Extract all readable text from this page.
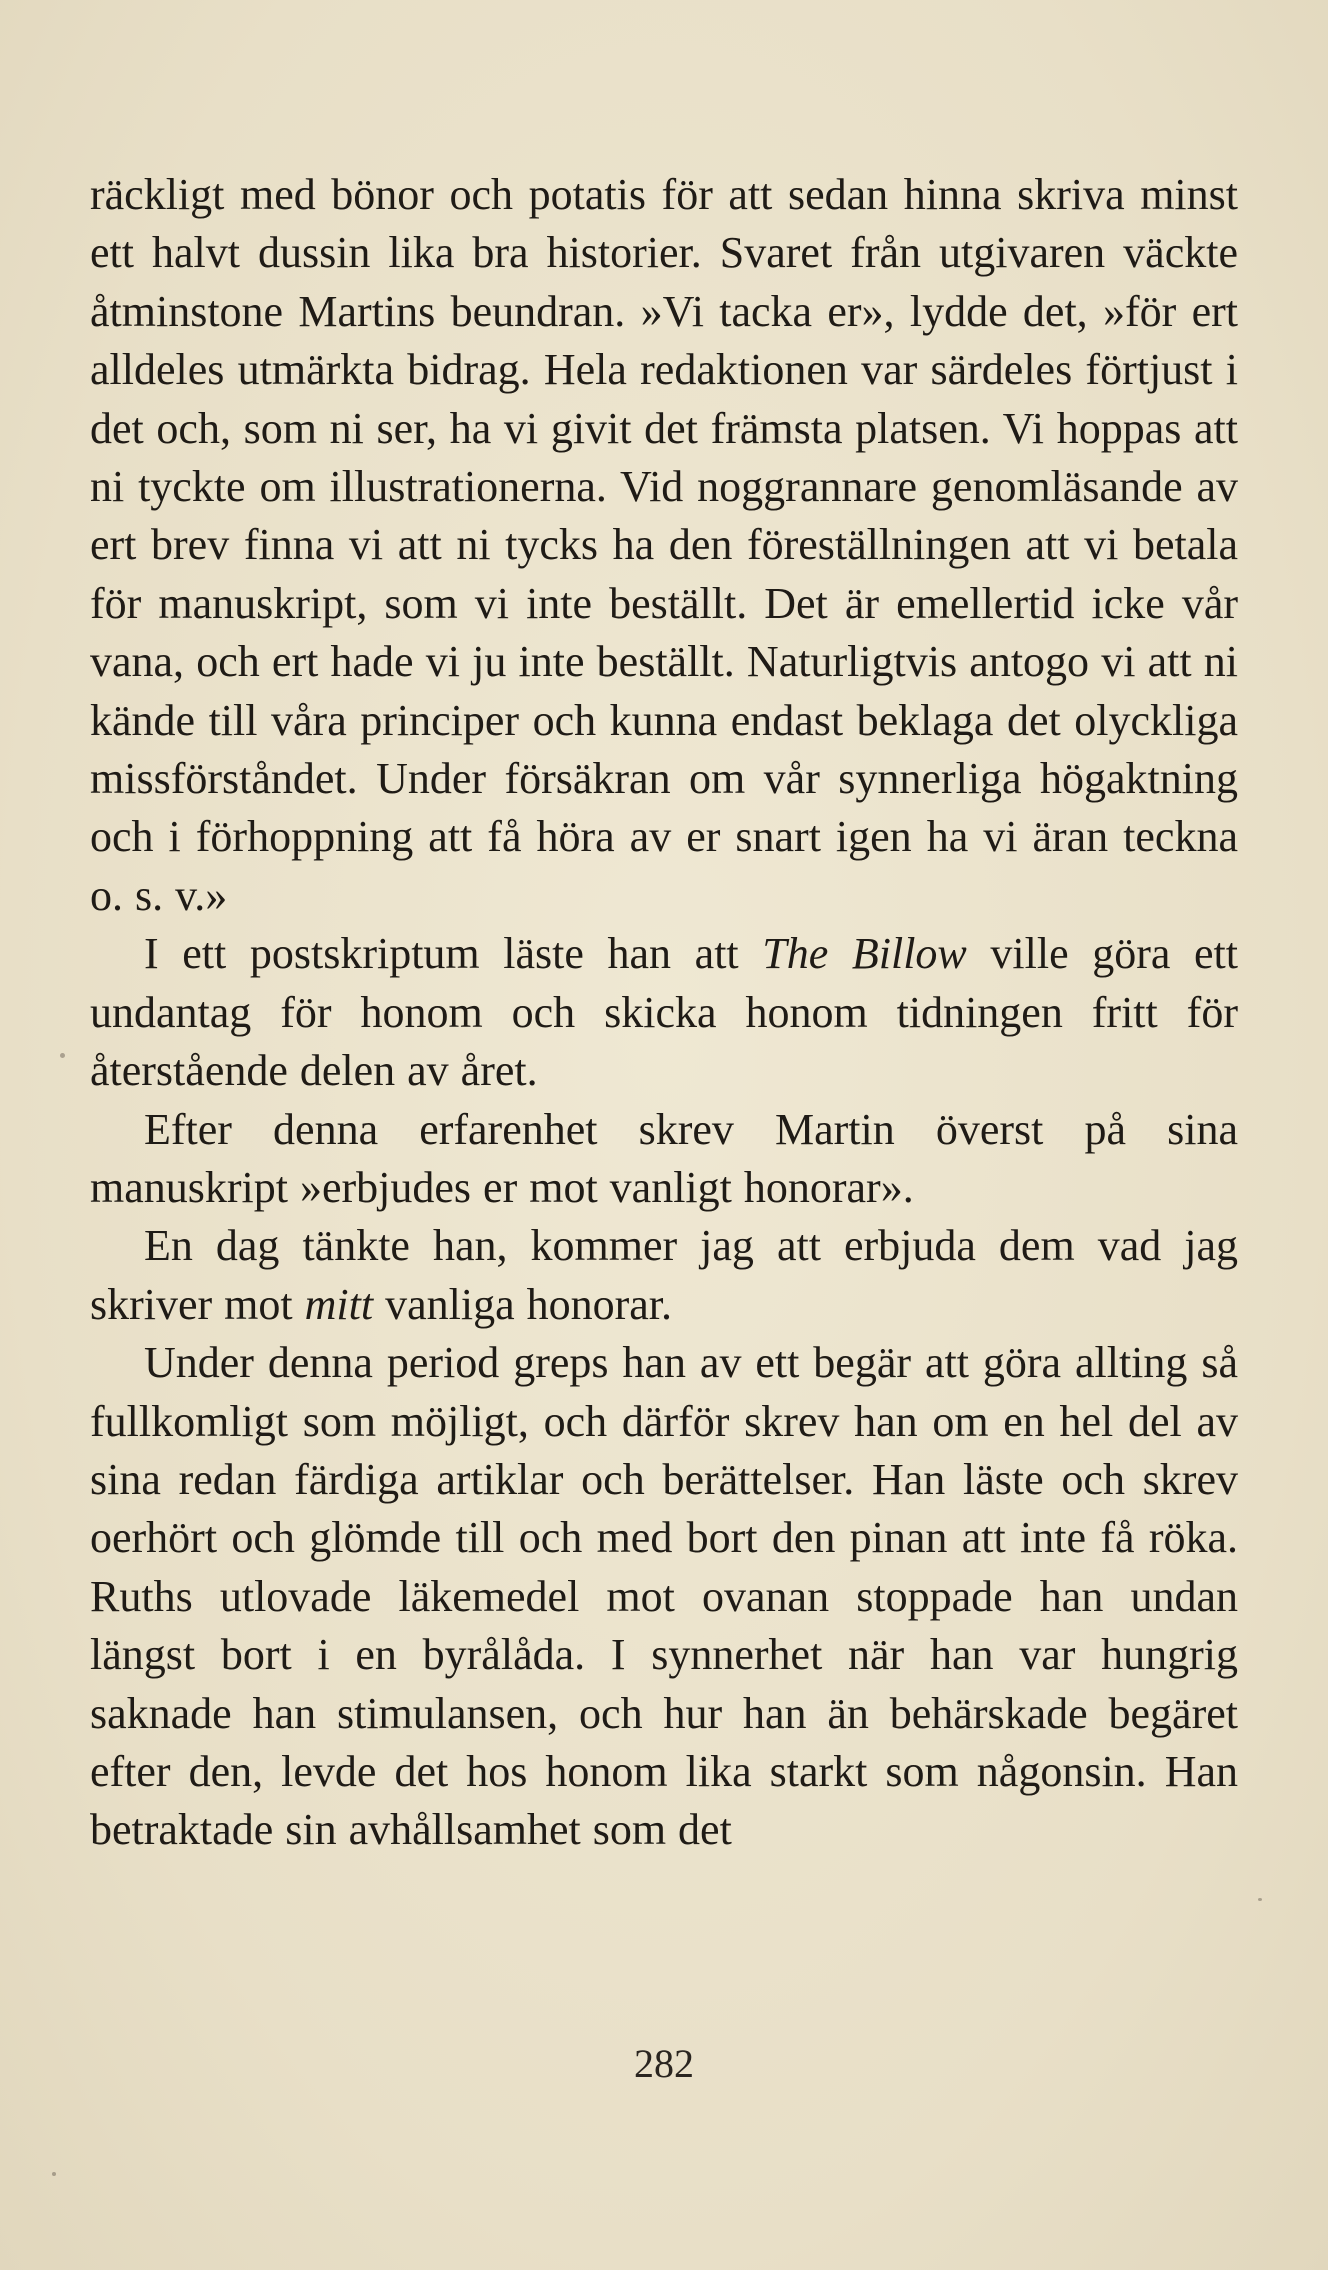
räckligt med bönor och potatis för att sedan hinna skriva minst ett halvt dussin lika bra historier. Svaret från utgivaren väckte åtminstone Martins beundran. »Vi tacka er», lydde det, »för ert alldeles utmärkta bidrag. Hela redaktionen var särdeles förtjust i det och, som ni ser, ha vi givit det främsta platsen. Vi hoppas att ni tyckte om illustrationerna. Vid noggrannare genomläsande av ert brev finna vi att ni tycks ha den föreställningen att vi betala för manuskript, som vi inte beställt. Det är emellertid icke vår vana, och ert hade vi ju inte beställt. Naturligtvis antogo vi att ni kände till våra principer och kunna endast beklaga det olyckliga missförståndet. Under försäkran om vår synnerliga högaktning och i förhoppning att få höra av er snart igen ha vi äran teckna o. s. v.»

I ett postskriptum läste han att The Billow ville göra ett undantag för honom och skicka honom tidningen fritt för återstående delen av året.

Efter denna erfarenhet skrev Martin överst på sina manuskript »erbjudes er mot vanligt honorar».

En dag tänkte han, kommer jag att erbjuda dem vad jag skriver mot mitt vanliga honorar.

Under denna period greps han av ett begär att göra allting så fullkomligt som möjligt, och därför skrev han om en hel del av sina redan färdiga artiklar och berättelser. Han läste och skrev oerhört och glömde till och med bort den pinan att inte få röka. Ruths utlovade läkemedel mot ovanan stoppade han undan längst bort i en byrålåda. I synnerhet när han var hungrig saknade han stimulansen, och hur han än behärskade begäret efter den, levde det hos honom lika starkt som någonsin. Han betraktade sin avhållsamhet som det

282
